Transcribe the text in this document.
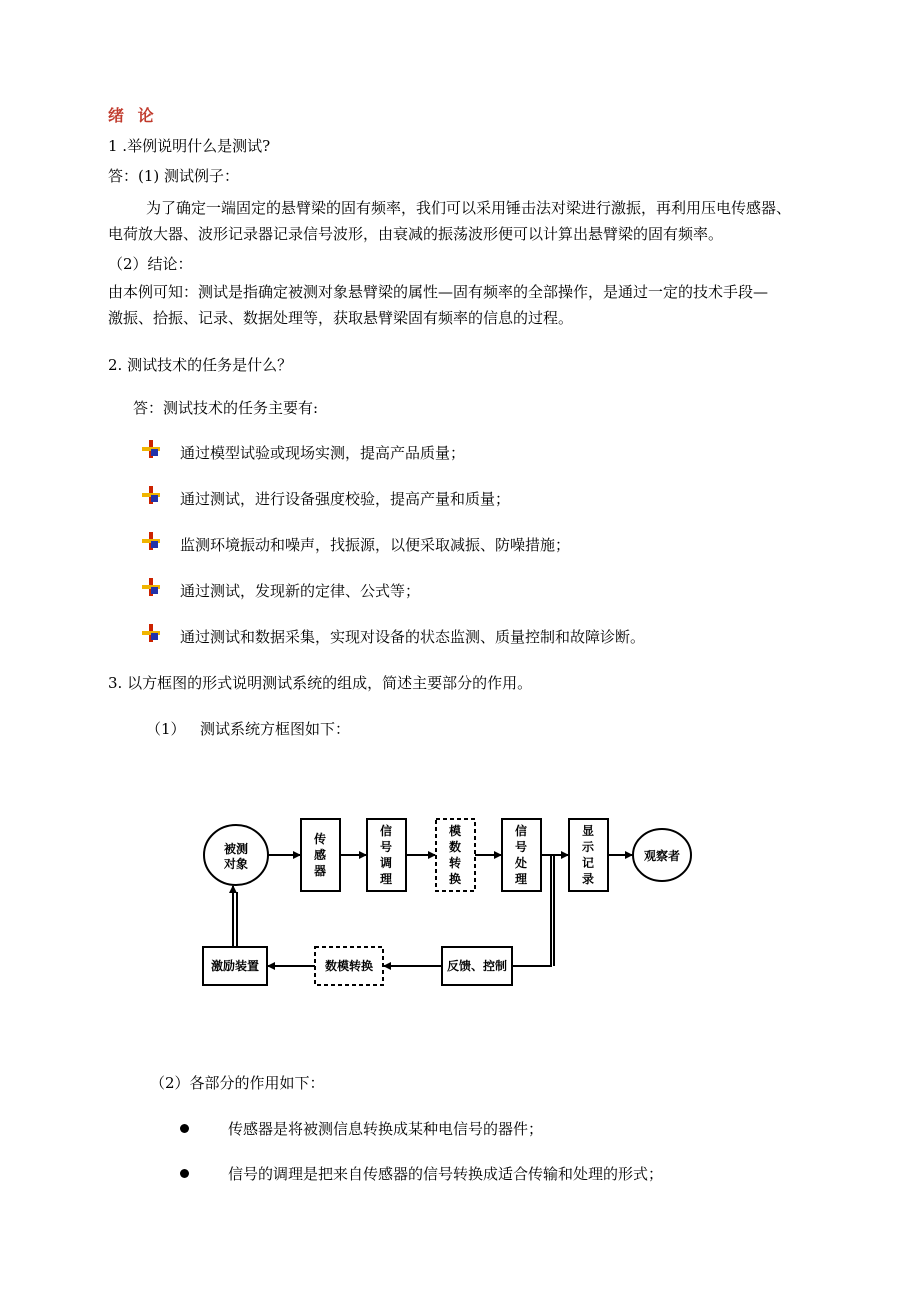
绪 论
1 .举例说明什么是测试?
答：(1) 测试例子：
为了确定一端固定的悬臂梁的固有频率，我们可以采用锤击法对梁进行激振，再利用压电传感器、
电荷放大器、波形记录器记录信号波形，由衰减的振荡波形便可以计算出悬臂梁的固有频率。
（2）结论：
由本例可知：测试是指确定被测对象悬臂梁的属性—固有频率的全部操作，是通过一定的技术手段—
激振、拾振、记录、数据处理等，获取悬臂梁固有频率的信息的过程。
2. 测试技术的任务是什么？
答：测试技术的任务主要有:
通过模型试验或现场实测，提高产品质量；
通过测试，进行设备强度校验，提高产量和质量；
监测环境振动和噪声，找振源，以便采取减振、防噪措施；
通过测试，发现新的定律、公式等；
通过测试和数据采集，实现对设备的状态监测、质量控制和故障诊断。
3. 以方框图的形式说明测试系统的组成，简述主要部分的作用。
（1） 测试系统方框图如下：
被测
对象
传
感
器
信
号
调
理
模
数
转
换
信
号
处
理
显
示
记
录
观察者
激励装置	数模转换	反馈、控制
（2）各部分的作用如下：
传感器是将被测信息转换成某种电信号的器件；
信号的调理是把来自传感器的信号转换成适合传输和处理的形式；
